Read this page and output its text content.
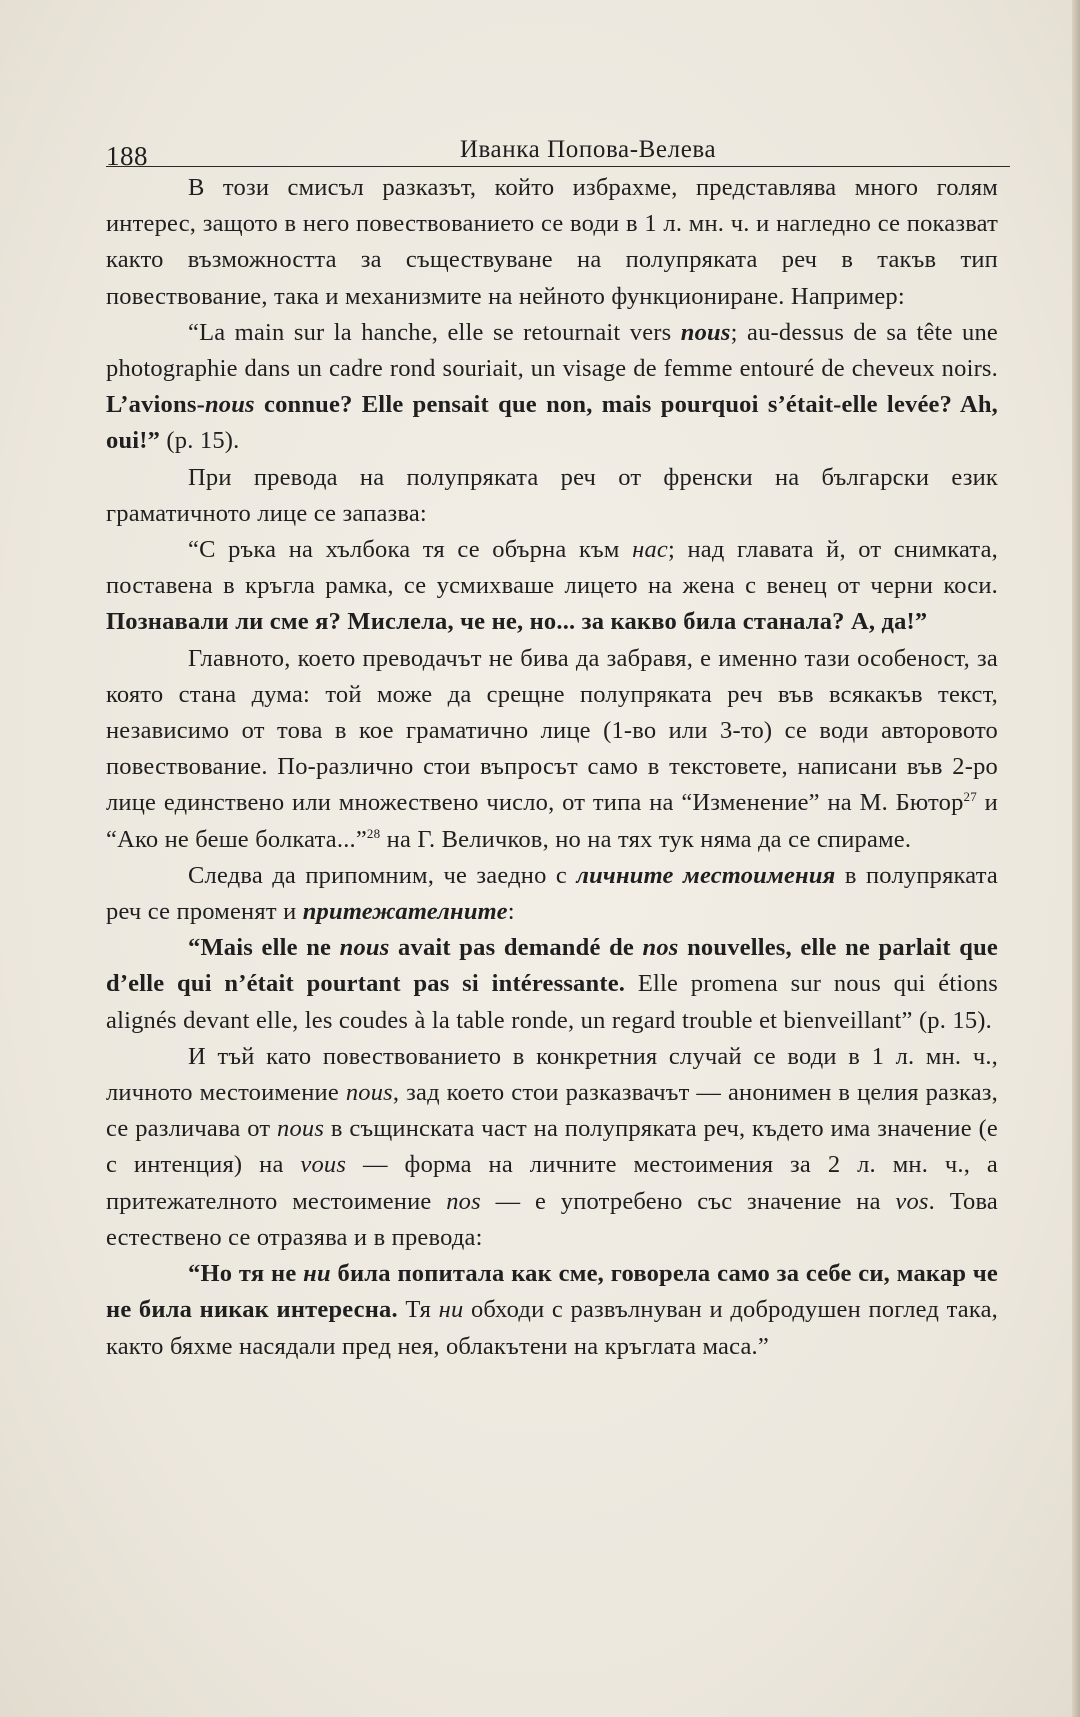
188	Иванка Попова-Велева

В този смисъл разказът, който избрахме, представлява много голям интерес, защото в него повествованието се води в 1 л. мн. ч. и нагледно се показват както възможността за съществуване на полупряката реч в такъв тип повествование, така и механизмите на нейното функциониране. Например:

“La main sur la hanche, elle se retournait vers nous; au-dessus de sa tête une photographie dans un cadre rond souriait, un visage de femme entouré de cheveux noirs. L’avions-nous connue? Elle pensait que non, mais pourquoi s’était-elle levée? Ah, oui!” (p. 15).

При превода на полупряката реч от френски на български език граматичното лице се запазва:

“С ръка на хълбока тя се обърна към нас; над главата й, от снимката, поставена в кръгла рамка, се усмихваше лицето на жена с венец от черни коси. Познавали ли сме я? Мислела, че не, но... за какво била станала? А, да!”

Главното, което преводачът не бива да забравя, е именно тази особеност, за която стана дума: той може да срещне полупряката реч във всякакъв текст, независимо от това в кое граматично лице (1-во или 3-то) се води авторовото повествование. По-различно стои въпросът само в текстовете, написани във 2-ро лице единствено или множествено число, от типа на “Изменение” на М. Бютор$^{27}$ и “Ако не беше болката...”$^{28}$ на Г. Величков, но на тях тук няма да се спираме.

Следва да припомним, че заедно с личните местоимения в полупряката реч се променят и притежателните:

“Mais elle ne nous avait pas demandé de nos nouvelles, elle ne parlait que d’elle qui n’était pourtant pas si intéressante. Elle promena sur nous qui étions alignés devant elle, les coudes à la table ronde, un regard trouble et bienveillant” (p. 15).

И тъй като повествованието в конкретния случай се води в 1 л. мн. ч., личното местоимение nous, зад което стои разказвачът — анонимен в целия разказ, се различава от nous в същинската част на полупряката реч, където има значение (е с интенция) на vous — форма на личните местоимения за 2 л. мн. ч., а притежателното местоимение nos — е употребено със значение на vos. Това естествено се отразява и в превода:

“Но тя не ни била попитала как сме, говорела само за себе си, макар че не била никак интересна. Тя ни обходи с развълнуван и добродушен поглед така, както бяхме насядали пред нея, облакътени на кръглата маса.”
